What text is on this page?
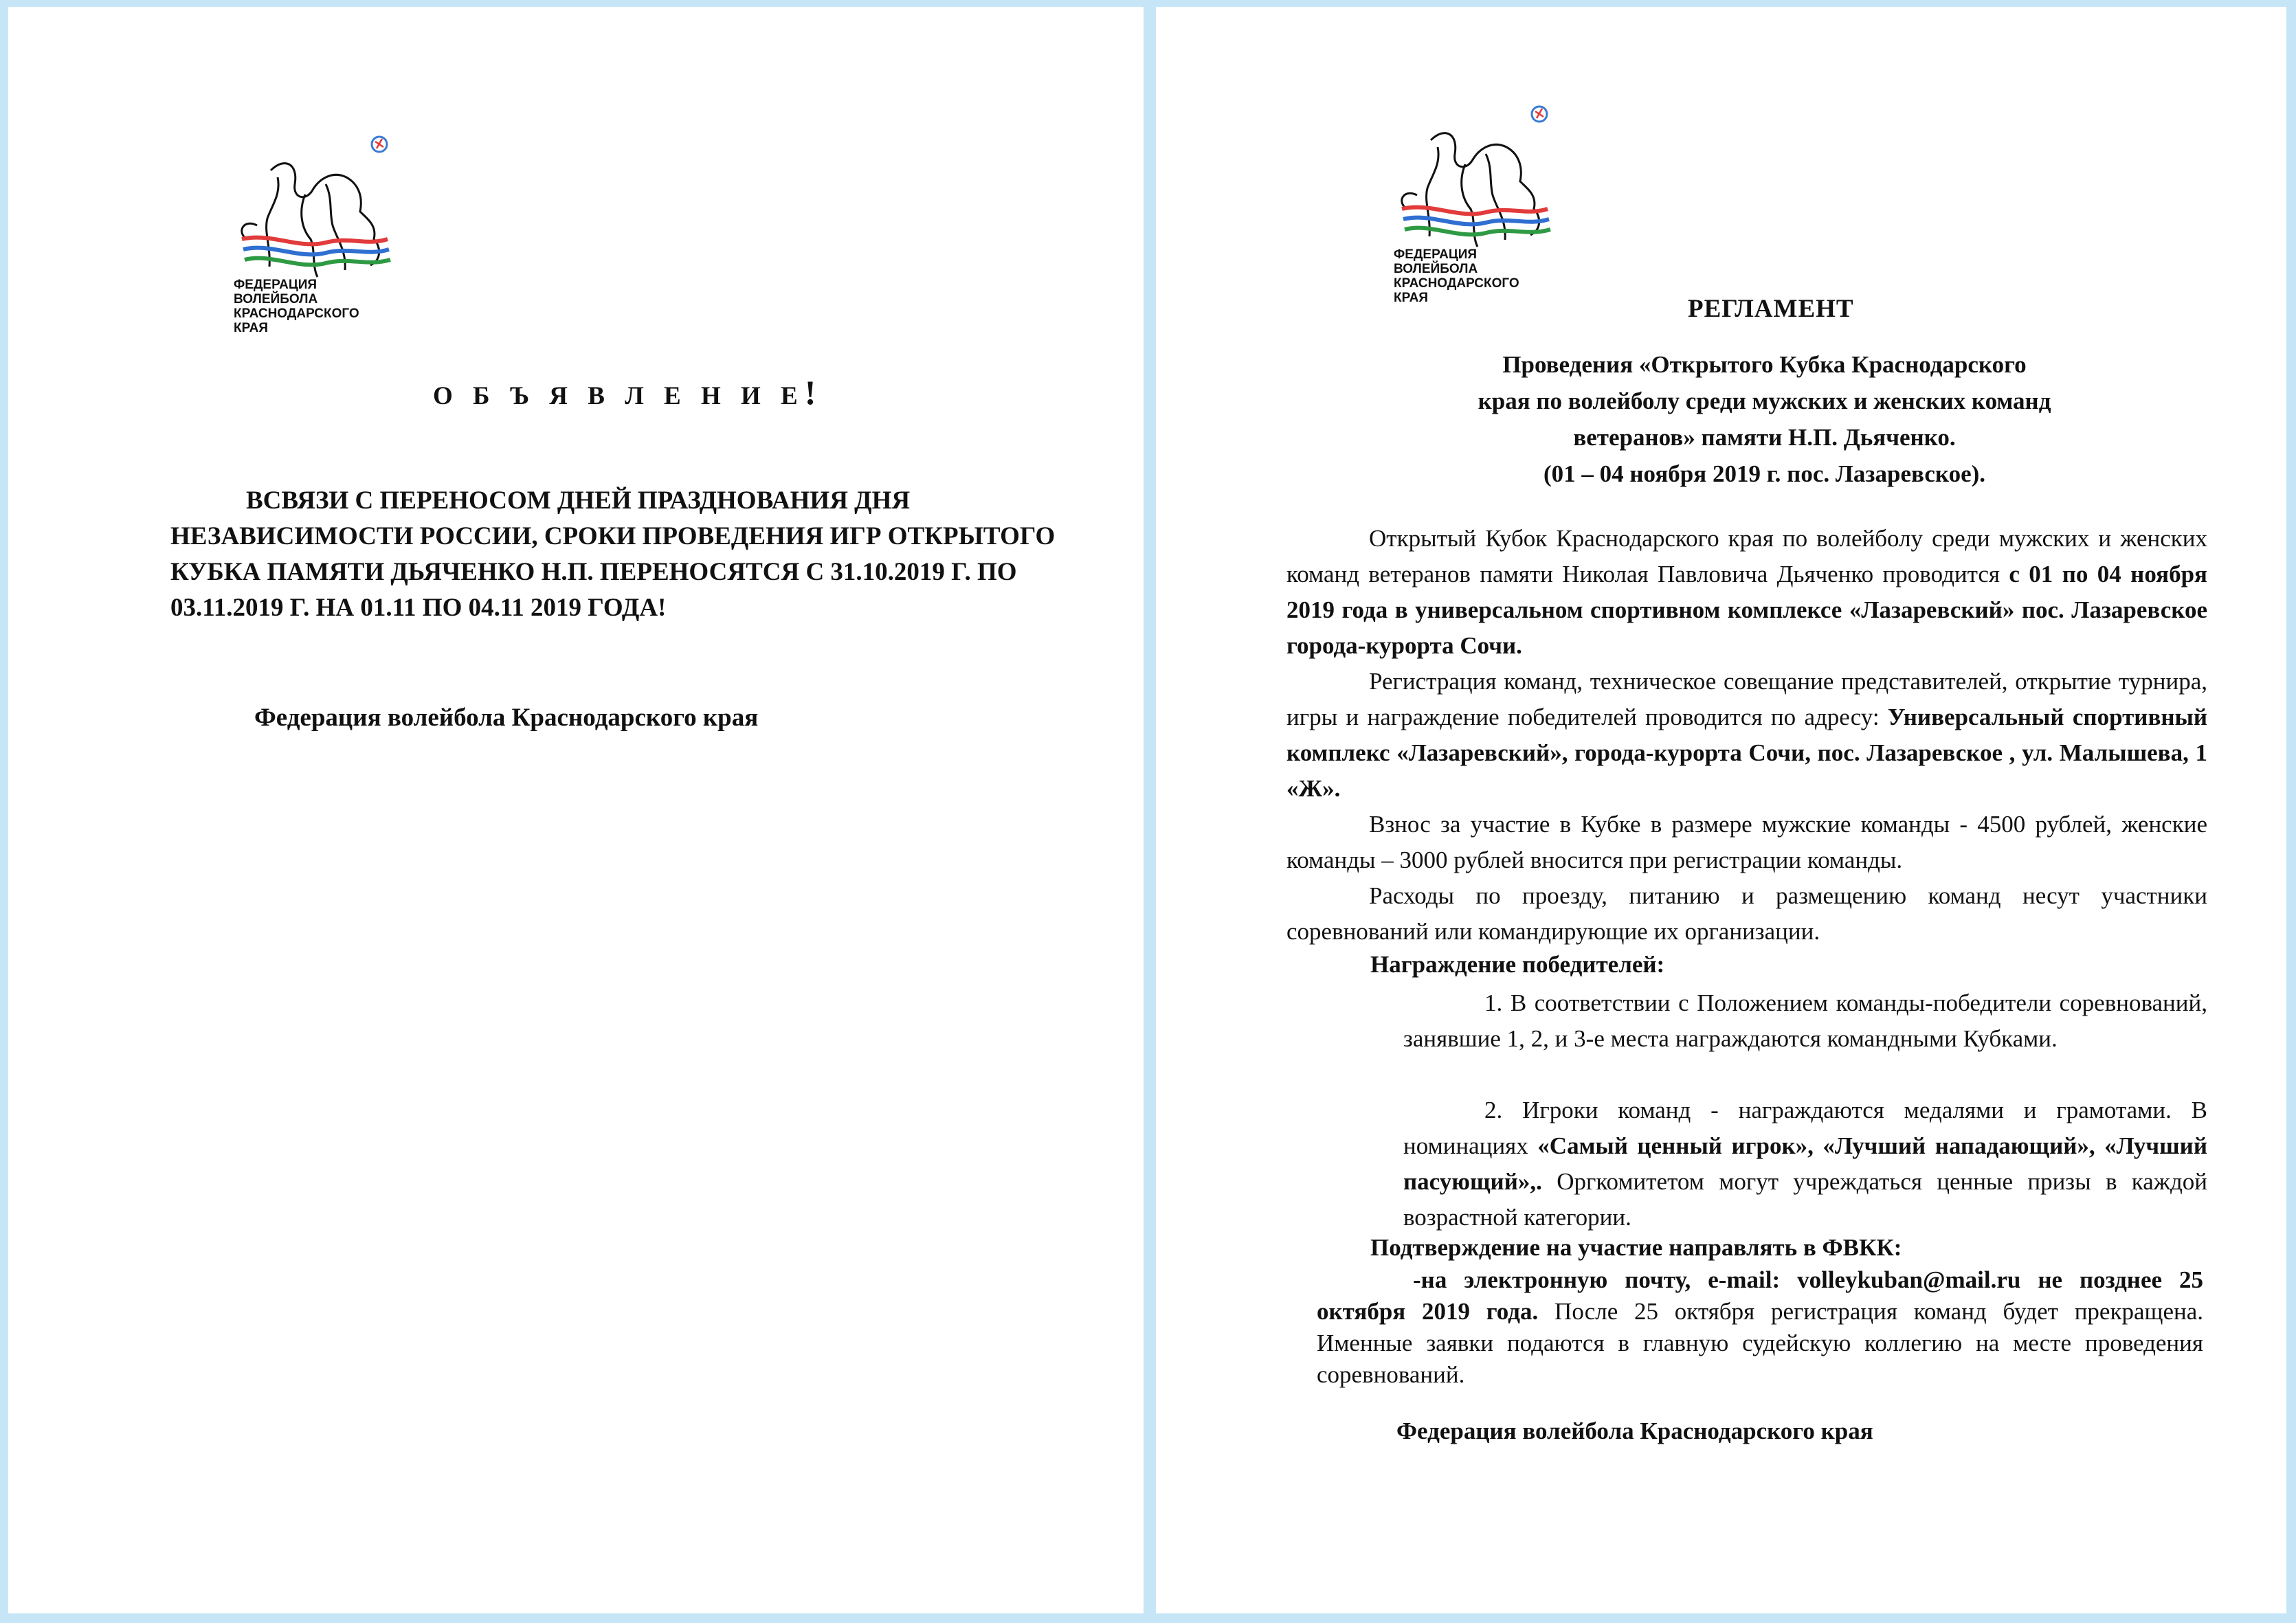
ФЕДЕРАЦИЯ
ВОЛЕЙБОЛА
КРАСНОДАРСКОГО
КРАЯ
О Б Ъ Я В Л Е Н И Е!
ВСВЯЗИ С ПЕРЕНОСОМ ДНЕЙ ПРАЗДНОВАНИЯ ДНЯ НЕЗАВИСИМОСТИ РОССИИ, СРОКИ ПРОВЕДЕНИЯ ИГР ОТКРЫТОГО КУБКА ПАМЯТИ ДЬЯЧЕНКО Н.П. ПЕРЕНОСЯТСЯ С 31.10.2019 Г. ПО 03.11.2019 Г. НА 01.11 ПО 04.11 2019 ГОДА!
Федерация волейбола Краснодарского края
ФЕДЕРАЦИЯ
ВОЛЕЙБОЛА
КРАСНОДАРСКОГО
КРАЯ	РЕГЛАМЕНТ
Проведения «Открытого Кубка Краснодарского
края по волейболу среди мужских и женских команд
ветеранов» памяти Н.П. Дьяченко.
(01 – 04 ноября 2019 г. пос. Лазаревское).
Открытый Кубок Краснодарского края по волейболу среди мужских и женских команд ветеранов памяти Николая Павловича Дьяченко проводится с 01 по 04 ноября 2019 года в универсальном спортивном комплексе «Лазаревский» пос. Лазаревское города-курорта Сочи.
Регистрация команд, техническое совещание представителей, открытие турнира, игры и награждение победителей проводится по адресу: Универсальный спортивный комплекс «Лазаревский», города-курорта Сочи, пос. Лазаревское , ул. Малышева, 1 «Ж».
Взнос за участие в Кубке в размере мужские команды - 4500 рублей, женские команды – 3000 рублей вносится при регистрации команды.
Расходы по проезду, питанию и размещению команд несут участники соревнований или командирующие их организации.
Награждение победителей:
1. В соответствии с Положением команды-победители соревнований, занявшие 1, 2, и 3-е места награждаются командными Кубками.
2. Игроки команд - награждаются медалями и грамотами. В номинациях «Самый ценный игрок», «Лучший нападающий», «Лучший пасующий»,. Оргкомитетом могут учреждаться ценные призы в каждой возрастной категории.
Подтверждение на участие направлять в ФВКК:
-на электронную почту, e-mail: volleykuban@mail.ru не позднее 25 октября 2019 года. После 25 октября регистрация команд будет прекращена. Именные заявки подаются в главную судейскую коллегию на месте проведения соревнований.
Федерация волейбола Краснодарского края
